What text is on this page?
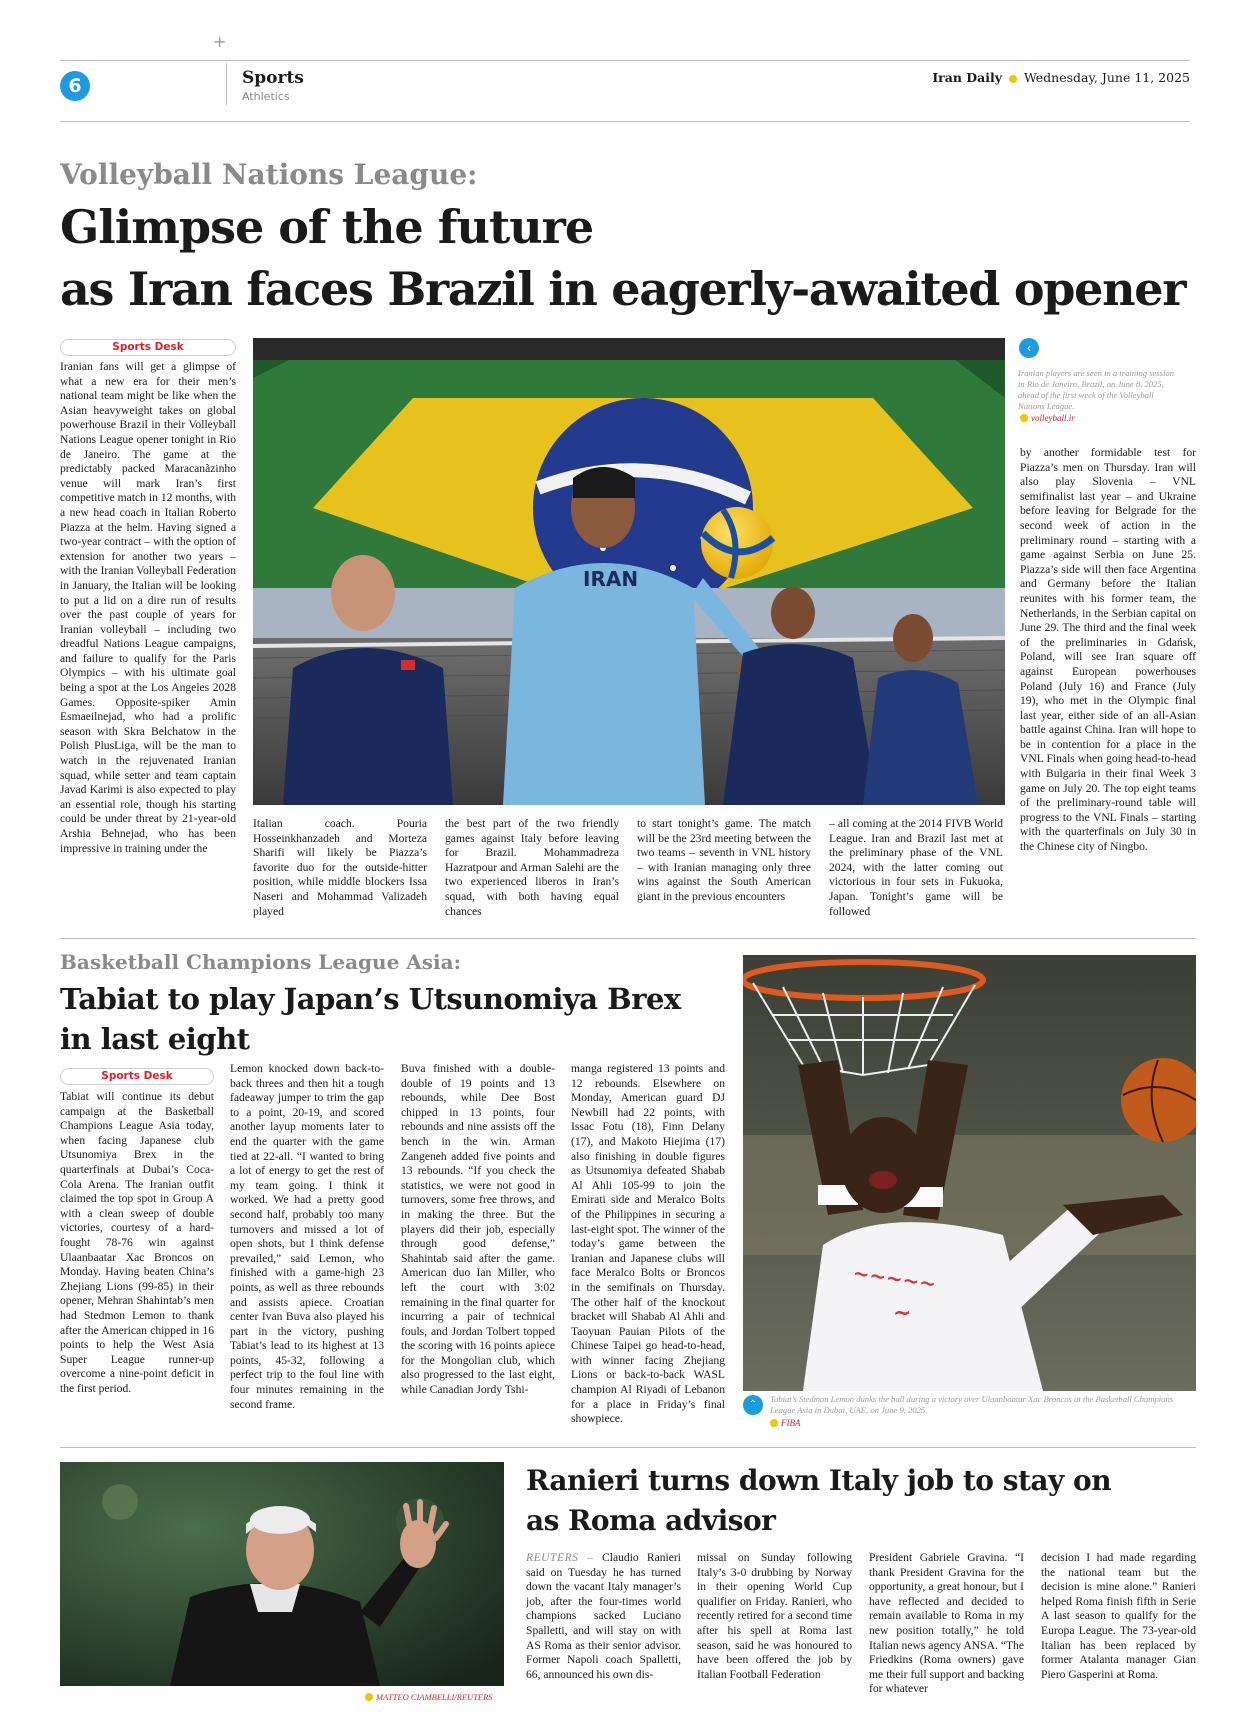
+
6	Sports
Athletics
Iran Daily Wednesday, June 11, 2025
Volleyball Nations League:
Glimpse of the future
as Iran faces Brazil in eagerly-awaited opener
Sports Desk
IRAN
‹
Iranian players are seen in a training session in Rio de Janeiro, Brazil, on June 8, 2025, ahead of the first week of the Volleyball Nations League.
volleyball.ir

Iranian fans will get a glimpse of what a new era for their men’s national team might be like when the Asian heavyweight takes on global powerhouse Brazil in their Volleyball Nations League opener tonight in Rio de Janeiro. The game at the predictably packed Maracanãzinho venue will mark Iran’s first competitive match in 12 months, with a new head coach in Italian Roberto Piazza at the helm. Having signed a two-year contract – with the option of extension for another two years – with the Iranian Volleyball Federation in January, the Italian will be looking to put a lid on a dire run of results over the past couple of years for Iranian volleyball – including two dreadful Nations League campaigns, and failure to qualify for the Paris Olympics – with his ultimate goal being a spot at the Los Angeles 2028 Games. Opposite-spiker Amin Esmaeilnejad, who had a prolific season with Skra Belchatow in the Polish PlusLiga, will be the man to watch in the rejuvenated Iranian squad, while setter and team captain Javad Karimi is also expected to play an essential role, though his starting could be under threat by 21-year-old Arshia Behnejad, who has been impressive in training under the

Italian coach. Pouria Hosseinkhanzadeh and Morteza Sharifi will likely be Piazza’s favorite duo for the outside-hitter position, while middle blockers Issa Naseri and Mohammad Valizadeh played

the best part of the two friendly games against Italy before leaving for Brazil. Mohammadreza Hazratpour and Arman Salehi are the two experienced liberos in Iran’s squad, with both having equal chances

to start tonight’s game. The match will be the 23rd meeting between the two teams – seventh in VNL history – with Iranian managing only three wins against the South American giant in the previous encounters

– all coming at the 2014 FIVB World League. Iran and Brazil last met at the preliminary phase of the VNL 2024, with the latter coming out victorious in four sets in Fukuoka, Japan. Tonight’s game will be followed

by another formidable test for Piazza’s men on Thursday. Iran will also play Slovenia – VNL semifinalist last year – and Ukraine before leaving for Belgrade for the second week of action in the preliminary round – starting with a game against Serbia on June 25. Piazza’s side will then face Argentina and Germany before the Italian reunites with his former team, the Netherlands, in the Serbian capital on June 29. The third and the final week of the preliminaries in Gdańsk, Poland, will see Iran square off against European powerhouses Poland (July 16) and France (July 19), who met in the Olympic final last year, either side of an all-Asian battle against China. Iran will hope to be in contention for a place in the VNL Finals when going head-to-head with Bulgaria in their final Week 3 game on July 20. The top eight teams of the preliminary-round table will progress to the VNL Finals – starting with the quarterfinals on July 30 in the Chinese city of Ningbo.

Basketball Champions League Asia:
Tabiat to play Japan’s Utsunomiya Brex
in last eight
Sports Desk

Tabiat will continue its debut campaign at the Basketball Champions League Asia today, when facing Japanese club Utsunomiya Brex in the quarterfinals at Dubai’s Coca-Cola Arena. The Iranian outfit claimed the top spot in Group A with a clean sweep of double victories, courtesy of a hard-fought 78-76 win against Ulaanbaatar Xac Broncos on Monday. Having beaten China’s Zhejiang Lions (99-85) in their opener, Mehran Shahintab’s men had Stedmon Lemon to thank after the American chipped in 16 points to help the West Asia Super League runner-up overcome a nine-point deficit in the first period.

Lemon knocked down back-to-back threes and then hit a tough fadeaway jumper to trim the gap to a point, 20-19, and scored another layup moments later to end the quarter with the game tied at 22-all. “I wanted to bring a lot of energy to get the rest of my team going. I think it worked. We had a pretty good second half, probably too many turnovers and missed a lot of open shots, but I think defense prevailed,” said Lemon, who finished with a game-high 23 points, as well as three rebounds and assists apiece. Croatian center Ivan Buva also played his part in the victory, pushing Tabiat’s lead to its highest at 13 points, 45-32, following a perfect trip to the foul line with four minutes remaining in the second frame.

Buva finished with a double-double of 19 points and 13 rebounds, while Dee Bost chipped in 13 points, four rebounds and nine assists off the bench in the win. Arman Zangeneh added five points and 13 rebounds. “If you check the statistics, we were not good in turnovers, some free throws, and in making the three. But the players did their job, especially through good defense,” Shahintab said after the game. American duo Ian Miller, who left the court with 3:02 remaining in the final quarter for incurring a pair of technical fouls, and Jordan Tolbert topped the scoring with 16 points apiece for the Mongolian club, which also progressed to the last eight, while Canadian Jordy Tshi-

manga registered 13 points and 12 rebounds. Elsewhere on Monday, American guard DJ Newbill had 22 points, with Issac Fotu (18), Finn Delany (17), and Makoto Hiejima (17) also finishing in double figures as Utsunomiya defeated Shabab Al Ahli 105-99 to join the Emirati side and Meralco Bolts of the Philippines in securing a last-eight spot. The winner of the today’s game between the Iranian and Japanese clubs will face Meralco Bolts or Broncos in the semifinals on Thursday. The other half of the knockout bracket will Shabab Al Ahli and Taoyuan Pauian Pilots of the Chinese Taipei go head-to-head, with winner facing Zhejiang Lions or back-to-back WASL champion Al Riyadi of Lebanon for a place in Friday’s final showpiece.

~~~~~
~
⌃	Tabiat’s Stedmon Lemon dunks the ball during a victory over Ulaanbaatar Xac Broncos at the Basketball Champions League Asia in Dubai, UAE, on June 9, 2025.
FIBA
MATTEO CIAMBELLI/REUTERS
Ranieri turns down Italy job to stay on
as Roma advisor

REUTERS – Claudio Ranieri said on Tuesday he has turned down the vacant Italy manager’s job, after the four-times world champions sacked Luciano Spalletti, and will stay on with AS Roma as their senior advisor. Former Napoli coach Spalletti, 66, announced his own dis-

missal on Sunday following Italy’s 3-0 drubbing by Norway in their opening World Cup qualifier on Friday. Ranieri, who recently retired for a second time after his spell at Roma last season, said he was honoured to have been offered the job by Italian Football Federation

President Gabriele Gravina. “I thank President Gravina for the opportunity, a great honour, but I have reflected and decided to remain available to Roma in my new position totally,” he told Italian news agency ANSA. “The Friedkins (Roma owners) gave me their full support and backing for whatever

decision I had made regarding the national team but the decision is mine alone.” Ranieri helped Roma finish fifth in Serie A last season to qualify for the Europa League. The 73-year-old Italian has been replaced by former Atalanta manager Gian Piero Gasperini at Roma.
